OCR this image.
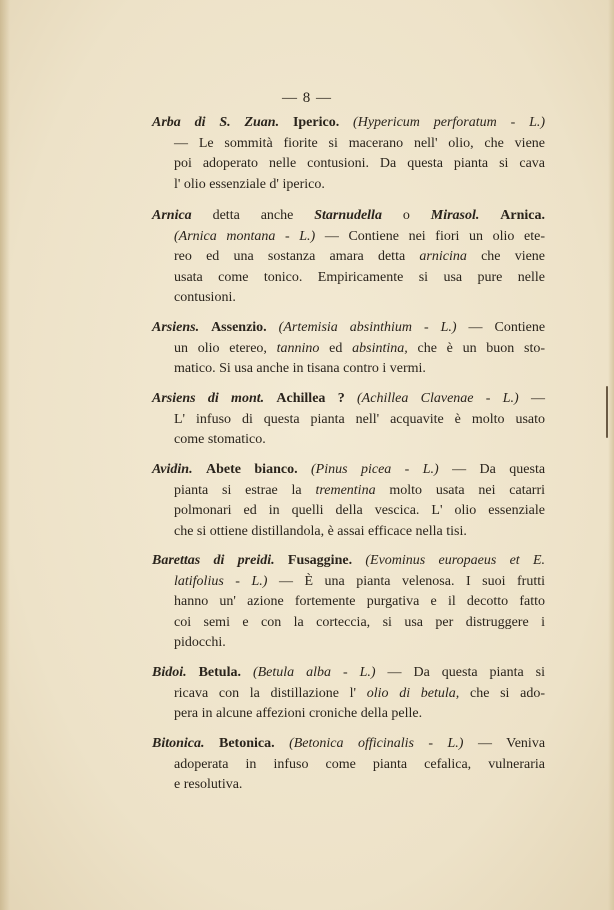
— 8 —
Arba di S. Zuan. Iperico. (Hypericum perforatum - L.)
— Le sommità fiorite si macerano nell' olio, che viene
poi adoperato nelle contusioni. Da questa pianta si cava
l' olio essenziale d' iperico.
Arnica detta anche Starnudella o Mirasol. Arnica.
(Arnica montana - L.) — Contiene nei fiori un olio ete-
reo ed una sostanza amara detta arnicina che viene
usata come tonico. Empiricamente si usa pure nelle
contusioni.
Arsiens. Assenzio. (Artemisia absinthium - L.) — Contiene
un olio etereo, tannino ed absintina, che è un buon sto-
matico. Si usa anche in tisana contro i vermi.
Arsiens di mont. Achillea ? (Achillea Clavenae - L.) —
L' infuso di questa pianta nell' acquavite è molto usato
come stomatico.
Avidin. Abete bianco. (Pinus picea - L.) — Da questa
pianta si estrae la trementina molto usata nei catarri
polmonari ed in quelli della vescica. L' olio essenziale
che si ottiene distillandola, è assai efficace nella tisi.
Barettas di preidi. Fusaggine. (Evominus europaeus et E.
latifolius - L.) — È una pianta velenosa. I suoi frutti
hanno un' azione fortemente purgativa e il decotto fatto
coi semi e con la corteccia, si usa per distruggere i
pidocchi.
Bidoi. Betula. (Betula alba - L.) — Da questa pianta si
ricava con la distillazione l' olio di betula, che si ado-
pera in alcune affezioni croniche della pelle.
Bitonica. Betonica. (Betonica officinalis - L.) — Veniva
adoperata in infuso come pianta cefalica, vulneraria
e resolutiva.
